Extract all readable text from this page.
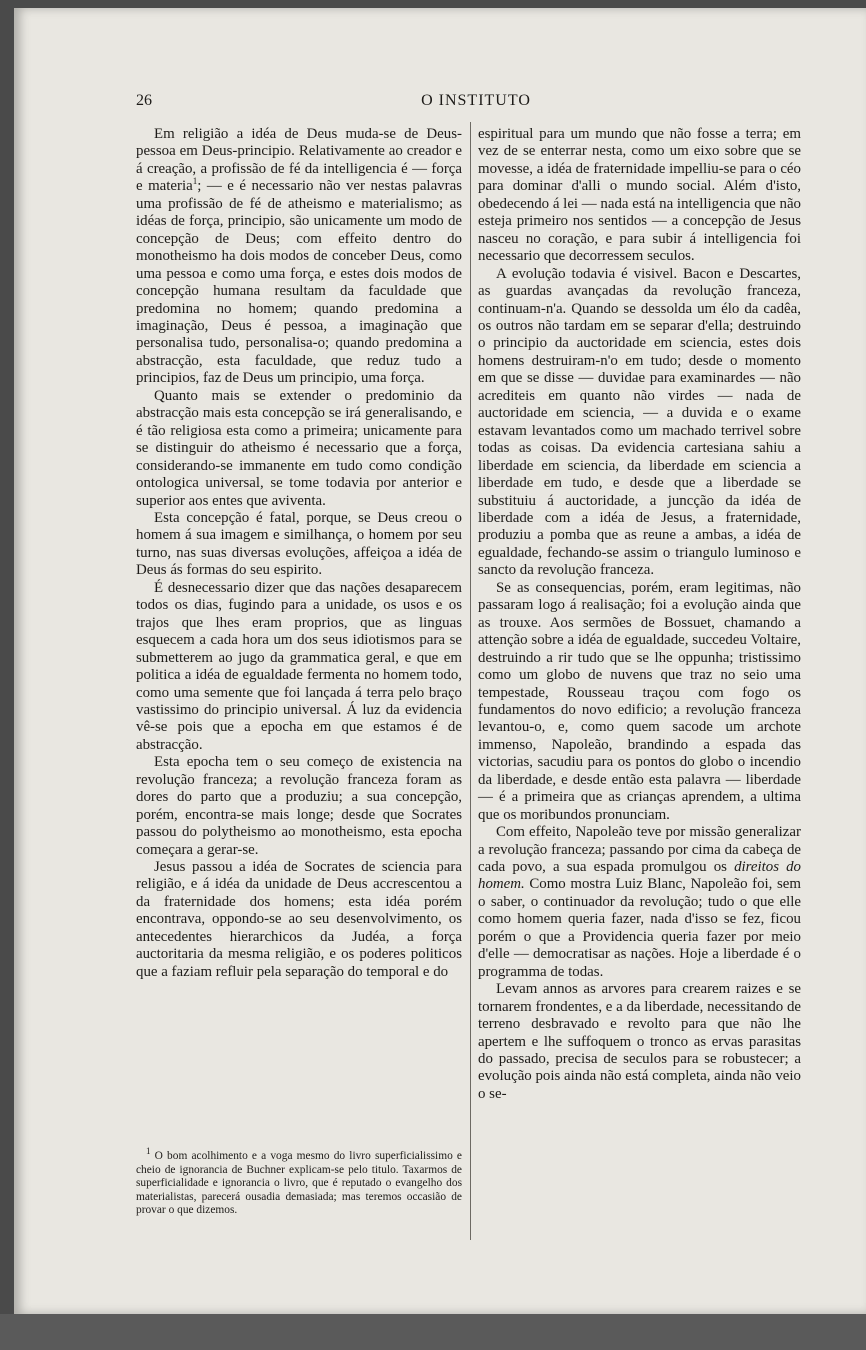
26	O INSTITUTO

Em religião a idéa de Deus muda-se de Deus-pessoa em Deus-principio. Relativamente ao creador e á creação, a profissão de fé da intelligencia é — força e materia$^1$; — e é necessario não ver nestas palavras uma profissão de fé de atheismo e materialismo; as idéas de força, principio, são unicamente um modo de concepção de Deus; com effeito dentro do monotheismo ha dois modos de conceber Deus, como uma pessoa e como uma força, e estes dois modos de concepção humana resultam da faculdade que predomina no homem; quando predomina a imaginação, Deus é pessoa, a imaginação que personalisa tudo, personalisa-o; quando predomina a abstracção, esta faculdade, que reduz tudo a principios, faz de Deus um principio, uma força.

Quanto mais se extender o predominio da abstracção mais esta concepção se irá generalisando, e é tão religiosa esta como a primeira; unicamente para se distinguir do atheismo é necessario que a força, considerando-se immanente em tudo como condição ontologica universal, se tome todavia por anterior e superior aos entes que aviventa.

Esta concepção é fatal, porque, se Deus creou o homem á sua imagem e similhança, o homem por seu turno, nas suas diversas evoluções, affeiçoa a idéa de Deus ás formas do seu espirito.

É desnecessario dizer que das nações desaparecem todos os dias, fugindo para a unidade, os usos e os trajos que lhes eram proprios, que as linguas esquecem a cada hora um dos seus idiotismos para se submetterem ao jugo da grammatica geral, e que em politica a idéa de egualdade fermenta no homem todo, como uma semente que foi lançada á terra pelo braço vastissimo do principio universal. Á luz da evidencia vê-se pois que a epocha em que estamos é de abstracção.

Esta epocha tem o seu começo de existencia na revolução franceza; a revolução franceza foram as dores do parto que a produziu; a sua concepção, porém, encontra-se mais longe; desde que Socrates passou do polytheismo ao monotheismo, esta epocha começara a gerar-se.

Jesus passou a idéa de Socrates de sciencia para religião, e á idéa da unidade de Deus accrescentou a da fraternidade dos homens; esta idéa porém encontrava, oppondo-se ao seu desenvolvimento, os antecedentes hierarchicos da Judéa, a força auctoritaria da mesma religião, e os poderes politicos que a faziam refluir pela separação do temporal e do

espiritual para um mundo que não fosse a terra; em vez de se enterrar nesta, como um eixo sobre que se movesse, a idéa de fraternidade impelliu-se para o céo para dominar d'alli o mundo social. Além d'isto, obedecendo á lei — nada está na intelligencia que não esteja primeiro nos sentidos — a concepção de Jesus nasceu no coração, e para subir á intelligencia foi necessario que decorressem seculos.

A evolução todavia é visivel. Bacon e Descartes, as guardas avançadas da revolução franceza, continuam-n'a. Quando se dessolda um élo da cadêa, os outros não tardam em se separar d'ella; destruindo o principio da auctoridade em sciencia, estes dois homens destruiram-n'o em tudo; desde o momento em que se disse — duvidae para examinardes — não acrediteis em quanto não virdes — nada de auctoridade em sciencia, — a duvida e o exame estavam levantados como um machado terrivel sobre todas as coisas. Da evidencia cartesiana sahiu a liberdade em sciencia, da liberdade em sciencia a liberdade em tudo, e desde que a liberdade se substituiu á auctoridade, a juncção da idéa de liberdade com a idéa de Jesus, a fraternidade, produziu a pomba que as reune a ambas, a idéa de egualdade, fechando-se assim o triangulo luminoso e sancto da revolução franceza.

Se as consequencias, porém, eram legitimas, não passaram logo á realisação; foi a evolução ainda que as trouxe. Aos sermões de Bossuet, chamando a attenção sobre a idéa de egualdade, succedeu Voltaire, destruindo a rir tudo que se lhe oppunha; tristissimo como um globo de nuvens que traz no seio uma tempestade, Rousseau traçou com fogo os fundamentos do novo edificio; a revolução franceza levantou-o, e, como quem sacode um archote immenso, Napoleão, brandindo a espada das victorias, sacudiu para os pontos do globo o incendio da liberdade, e desde então esta palavra — liberdade — é a primeira que as crianças aprendem, a ultima que os moribundos pronunciam.

Com effeito, Napoleão teve por missão generalizar a revolução franceza; passando por cima da cabeça de cada povo, a sua espada promulgou os direitos do homem. Como mostra Luiz Blanc, Napoleão foi, sem o saber, o continuador da revolução; tudo o que elle como homem queria fazer, nada d'isso se fez, ficou porém o que a Providencia queria fazer por meio d'elle — democratisar as nações. Hoje a liberdade é o programma de todas.

Levam annos as arvores para crearem raizes e se tornarem frondentes, e a da liberdade, necessitando de terreno desbravado e revolto para que não lhe apertem e lhe suffoquem o tronco as ervas parasitas do passado, precisa de seculos para se robustecer; a evolução pois ainda não está completa, ainda não veio o se-

$^1$ O bom acolhimento e a voga mesmo do livro superficialissimo e cheio de ignorancia de Buchner explicam-se pelo titulo. Taxarmos de superficialidade e ignorancia o livro, que é reputado o evangelho dos materialistas, parecerá ousadia demasiada; mas teremos occasião de provar o que dizemos.
